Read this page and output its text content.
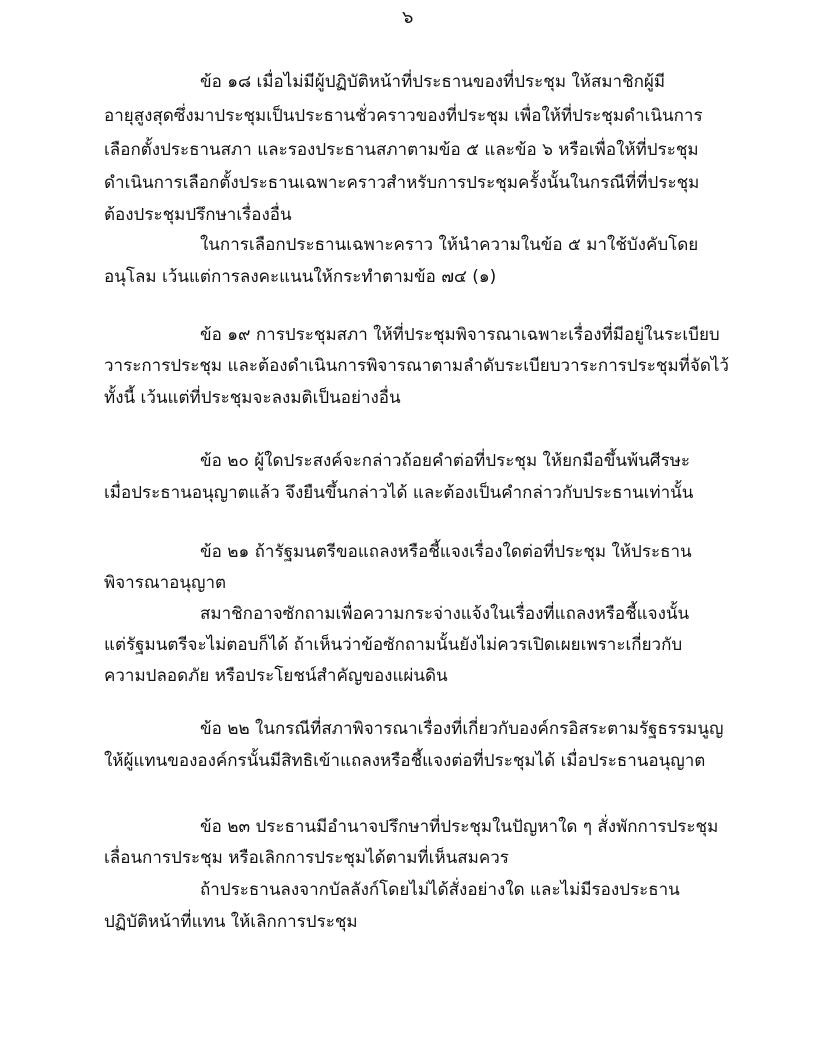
๖

ข้อ ๑๘ เมื่อไม่มีผู้ปฏิบัติหน้าที่ประธานของที่ประชุม ให้สมาชิกผู้มี

อายุสูงสุดซึ่งมาประชุมเป็นประธานชั่วคราวของที่ประชุม เพื่อให้ที่ประชุมดำเนินการ

เลือกตั้งประธานสภา และรองประธานสภาตามข้อ ๕ และข้อ ๖ หรือเพื่อให้ที่ประชุม

ดำเนินการเลือกตั้งประธานเฉพาะคราวสำหรับการประชุมครั้งนั้นในกรณีที่ที่ประชุม

ต้องประชุมปรึกษาเรื่องอื่น

ในการเลือกประธานเฉพาะคราว ให้นำความในข้อ ๕ มาใช้บังคับโดย

อนุโลม เว้นแต่การลงคะแนนให้กระทำตามข้อ ๗๔ (๑)

ข้อ ๑๙ การประชุมสภา ให้ที่ประชุมพิจารณาเฉพาะเรื่องที่มีอยู่ในระเบียบ

วาระการประชุม และต้องดำเนินการพิจารณาตามลำดับระเบียบวาระการประชุมที่จัดไว้

ทั้งนี้ เว้นแต่ที่ประชุมจะลงมติเป็นอย่างอื่น

ข้อ ๒๐ ผู้ใดประสงค์จะกล่าวถ้อยคำต่อที่ประชุม ให้ยกมือขึ้นพ้นศีรษะ

เมื่อประธานอนุญาตแล้ว จึงยืนขึ้นกล่าวได้ และต้องเป็นคำกล่าวกับประธานเท่านั้น

ข้อ ๒๑ ถ้ารัฐมนตรีขอแถลงหรือชี้แจงเรื่องใดต่อที่ประชุม ให้ประธาน

พิจารณาอนุญาต

สมาชิกอาจซักถามเพื่อความกระจ่างแจ้งในเรื่องที่แถลงหรือชี้แจงนั้น

แต่รัฐมนตรีจะไม่ตอบก็ได้ ถ้าเห็นว่าข้อซักถามนั้นยังไม่ควรเปิดเผยเพราะเกี่ยวกับ

ความปลอดภัย หรือประโยชน์สำคัญของแผ่นดิน

ข้อ ๒๒ ในกรณีที่สภาพิจารณาเรื่องที่เกี่ยวกับองค์กรอิสระตามรัฐธรรมนูญ

ให้ผู้แทนขององค์กรนั้นมีสิทธิเข้าแถลงหรือชี้แจงต่อที่ประชุมได้ เมื่อประธานอนุญาต

ข้อ ๒๓ ประธานมีอำนาจปรึกษาที่ประชุมในปัญหาใด ๆ สั่งพักการประชุม

เลื่อนการประชุม หรือเลิกการประชุมได้ตามที่เห็นสมควร

ถ้าประธานลงจากบัลลังก์โดยไม่ได้สั่งอย่างใด และไม่มีรองประธาน

ปฏิบัติหน้าที่แทน ให้เลิกการประชุม
